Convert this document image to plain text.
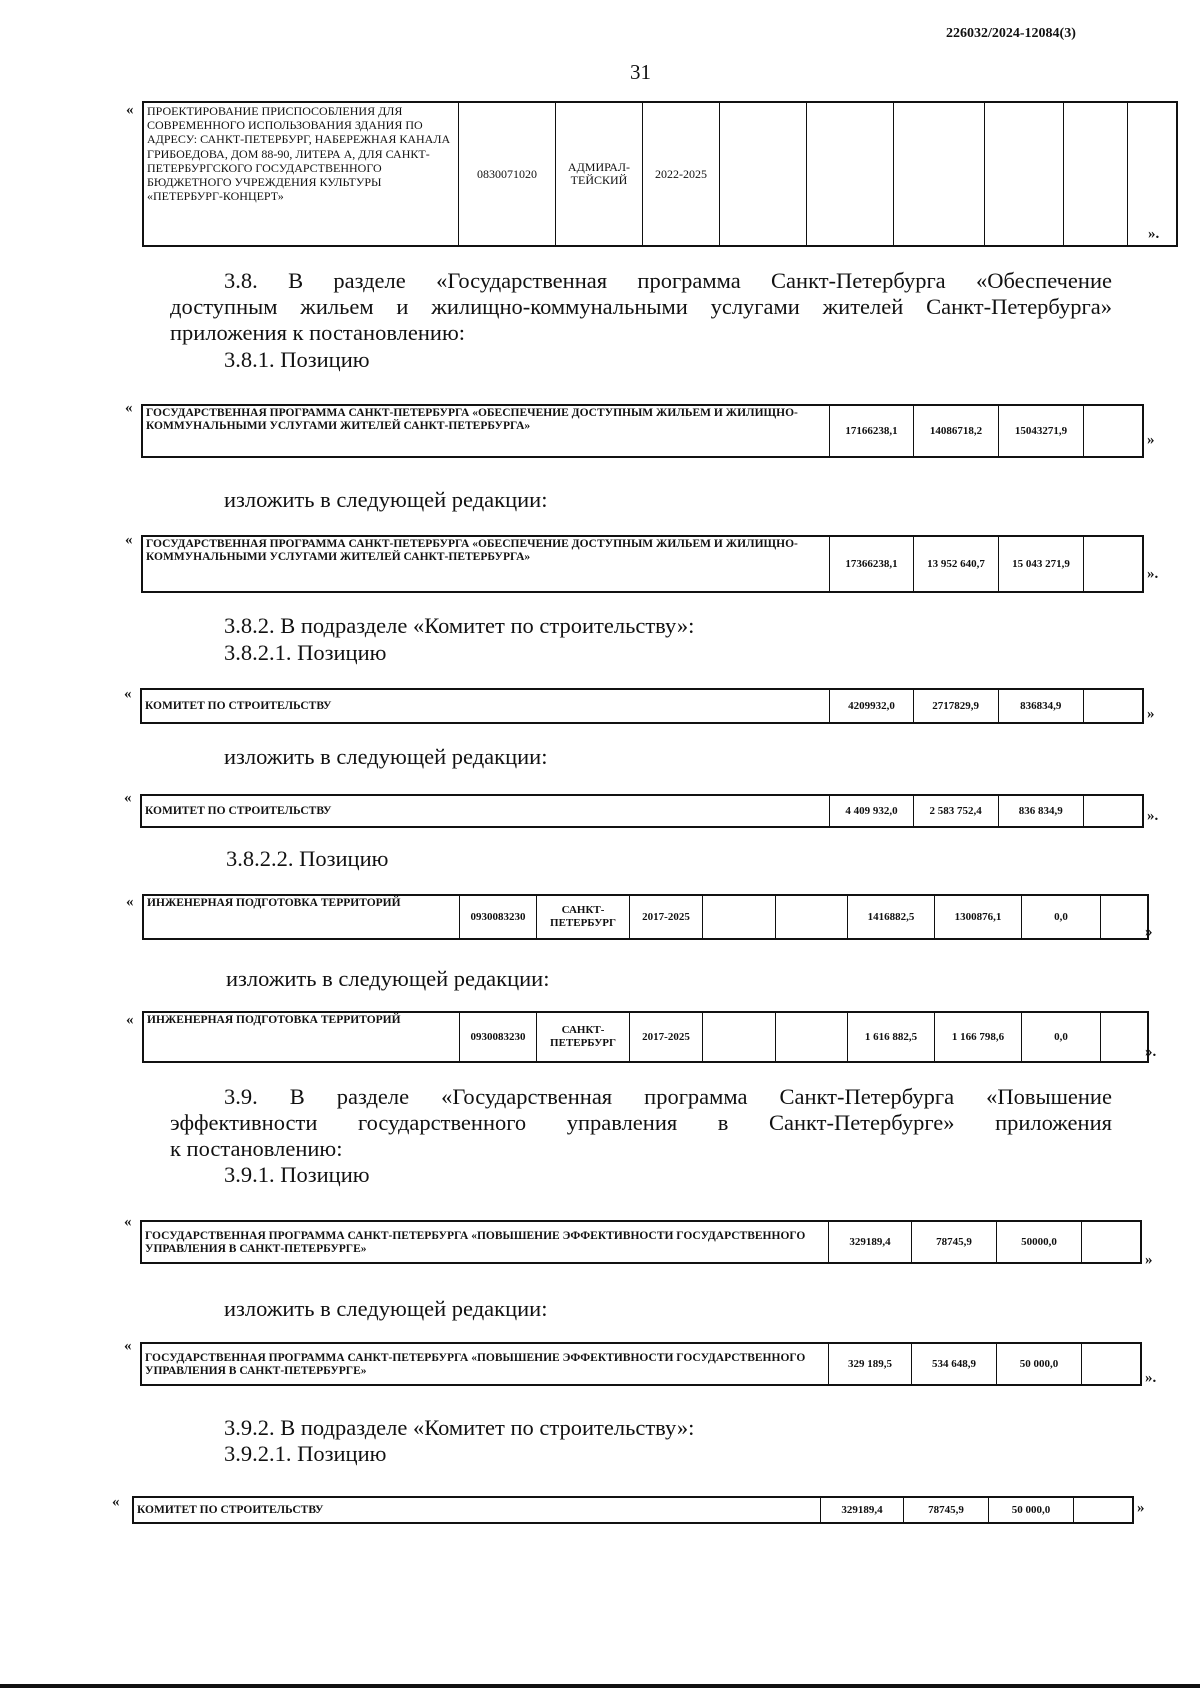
226032/2024-12084(3)
31
« ПРОЕКТИРОВАНИЕ ПРИСПОСОБЛЕНИЯ ДЛЯ СОВРЕМЕННОГО ИСПОЛЬЗОВАНИЯ ЗДАНИЯ ПО АДРЕСУ: САНКТ-ПЕТЕРБУРГ, НАБЕРЕЖНАЯ КАНАЛА ГРИБОЕДОВА, ДОМ 88-90, ЛИТЕРА А, ДЛЯ САНКТ-ПЕТЕРБУРГСКОГО ГОСУДАРСТВЕННОГО БЮДЖЕТНОГО УЧРЕЖДЕНИЯ КУЛЬТУРЫ «ПЕТЕРБУРГ-КОНЦЕРТ»	0830071020	АДМИРАЛ-ТЕЙСКИЙ	2022-2025						
».
3.8. В разделе «Государственная программа Санкт-Петербурга «Обеспечение
доступным жильем и жилищно-коммунальными услугами жителей Санкт-Петербурга»
приложения к постановлению:
3.8.1. Позицию
« ГОСУДАРСТВЕННАЯ ПРОГРАММА САНКТ-ПЕТЕРБУРГА «ОБЕСПЕЧЕНИЕ ДОСТУПНЫМ ЖИЛЬЕМ И ЖИЛИЩНО-КОММУНАЛЬНЫМИ УСЛУГАМИ ЖИТЕЛЕЙ САНКТ-ПЕТЕРБУРГА»	17166238,1	14086718,2	15043271,9	
»
изложить в следующей редакции:
« ГОСУДАРСТВЕННАЯ ПРОГРАММА САНКТ-ПЕТЕРБУРГА «ОБЕСПЕЧЕНИЕ ДОСТУПНЫМ ЖИЛЬЕМ И ЖИЛИЩНО-КОММУНАЛЬНЫМИ УСЛУГАМИ ЖИТЕЛЕЙ САНКТ-ПЕТЕРБУРГА»	17366238,1	13 952 640,7	15 043 271,9	
».
3.8.2. В подразделе «Комитет по строительству»:
3.8.2.1. Позицию
«
КОМИТЕТ ПО СТРОИТЕЛЬСТВУ	4209932,0	2717829,9	836834,9	
»
изложить в следующей редакции:
«
КОМИТЕТ ПО СТРОИТЕЛЬСТВУ	4 409 932,0	2 583 752,4	836 834,9		».
3.8.2.2. Позицию
« ИНЖЕНЕРНАЯ ПОДГОТОВКА ТЕРРИТОРИЙ	0930083230	САНКТ-ПЕТЕРБУРГ	2017-2025			1416882,5	1300876,1	0,0	
»
изложить в следующей редакции:
« ИНЖЕНЕРНАЯ ПОДГОТОВКА ТЕРРИТОРИЙ	0930083230	САНКТ-ПЕТЕРБУРГ	2017-2025			1 616 882,5	1 166 798,6	0,0	
».
3.9. В разделе «Государственная программа Санкт-Петербурга «Повышение
эффективности государственного управления в Санкт-Петербурге» приложения
к постановлению:
3.9.1. Позицию
«
ГОСУДАРСТВЕННАЯ ПРОГРАММА САНКТ-ПЕТЕРБУРГА «ПОВЫШЕНИЕ ЭФФЕКТИВНОСТИ ГОСУДАРСТВЕННОГО УПРАВЛЕНИЯ В САНКТ-ПЕТЕРБУРГЕ»	329189,4	78745,9	50000,0	
»
изложить в следующей редакции:
«
ГОСУДАРСТВЕННАЯ ПРОГРАММА САНКТ-ПЕТЕРБУРГА «ПОВЫШЕНИЕ ЭФФЕКТИВНОСТИ ГОСУДАРСТВЕННОГО УПРАВЛЕНИЯ В САНКТ-ПЕТЕРБУРГЕ»	329 189,5	534 648,9	50 000,0	
».
3.9.2. В подразделе «Комитет по строительству»:
3.9.2.1. Позицию
« КОМИТЕТ ПО СТРОИТЕЛЬСТВУ	329189,4	78745,9	50 000,0		»
